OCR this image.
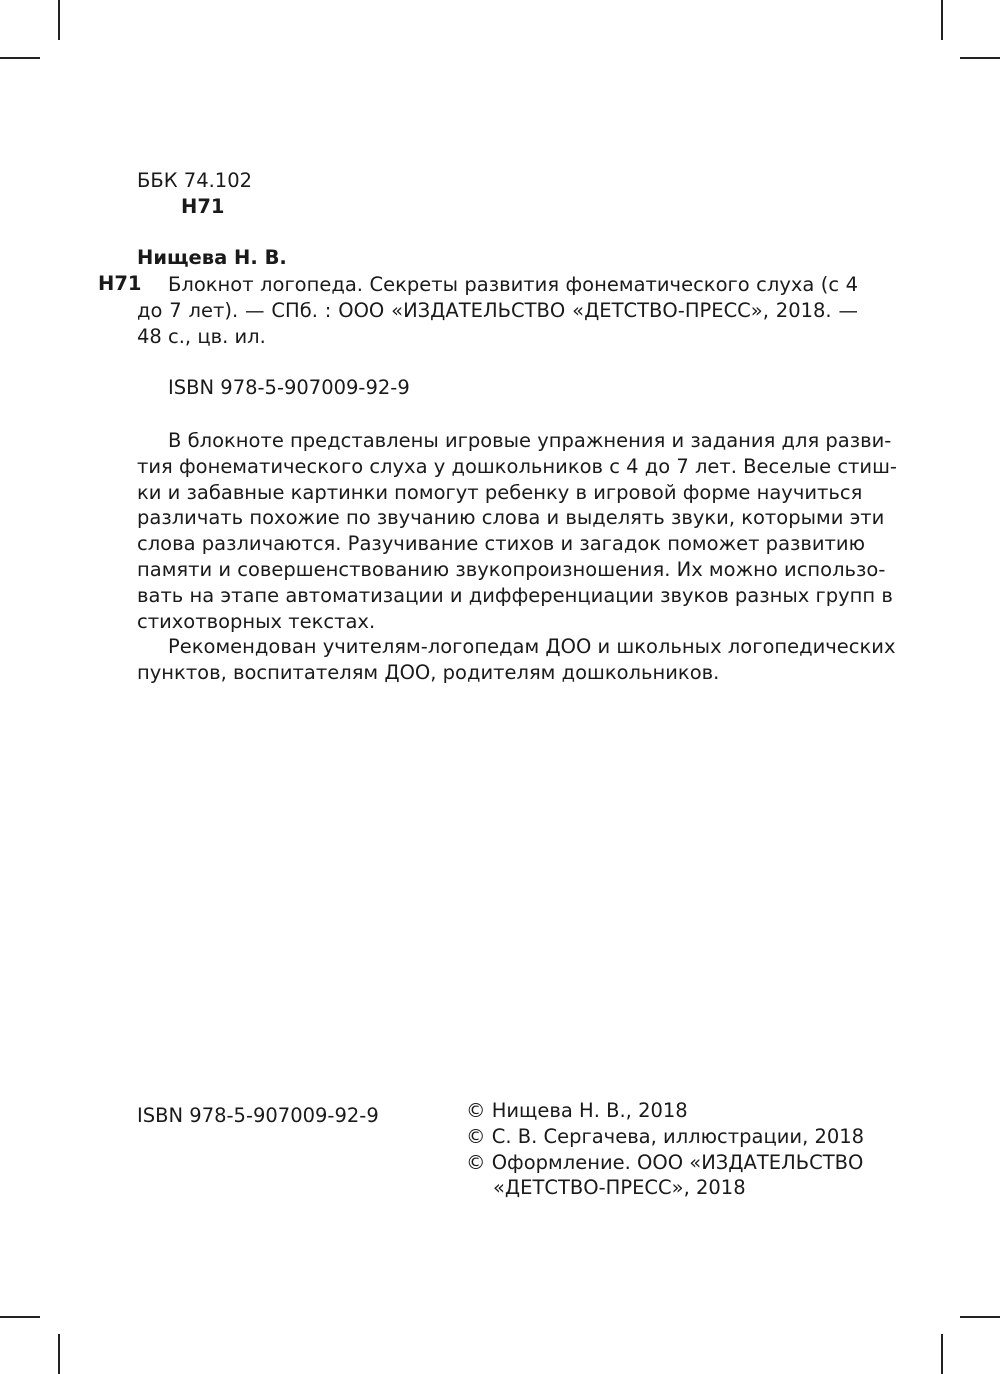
ББК 74.102
Н71
Нищева Н. В.
Н71	Блокнот логопеда. Секреты развития фонематического слуха (с 4
до 7 лет). — СПб. : ООО «ИЗДАТЕЛЬСТВО «ДЕТСТВО-ПРЕСС», 2018. —
48 с., цв. ил.
ISBN 978-5-907009-92-9
В блокноте представлены игровые упражнения и задания для разви-
тия фонематического слуха у дошкольников с 4 до 7 лет. Веселые стиш-
ки и забавные картинки помогут ребенку в игровой форме научиться
различать похожие по звучанию слова и выделять звуки, которыми эти
слова различаются. Разучивание стихов и загадок поможет развитию
памяти и совершенствованию звукопроизношения. Их можно использо-
вать на этапе автоматизации и дифференциации звуков разных групп в
стихотворных текстах.
Рекомендован учителям-логопедам ДОО и школьных логопедических
пунктов, воспитателям ДОО, родителям дошкольников.
ISBN 978-5-907009-92-9	© Нищева Н. В., 2018
© С. В. Сергачева, иллюстрации, 2018
© Оформление. ООО «ИЗДАТЕЛЬСТВО
«ДЕТСТВО-ПРЕСС», 2018
